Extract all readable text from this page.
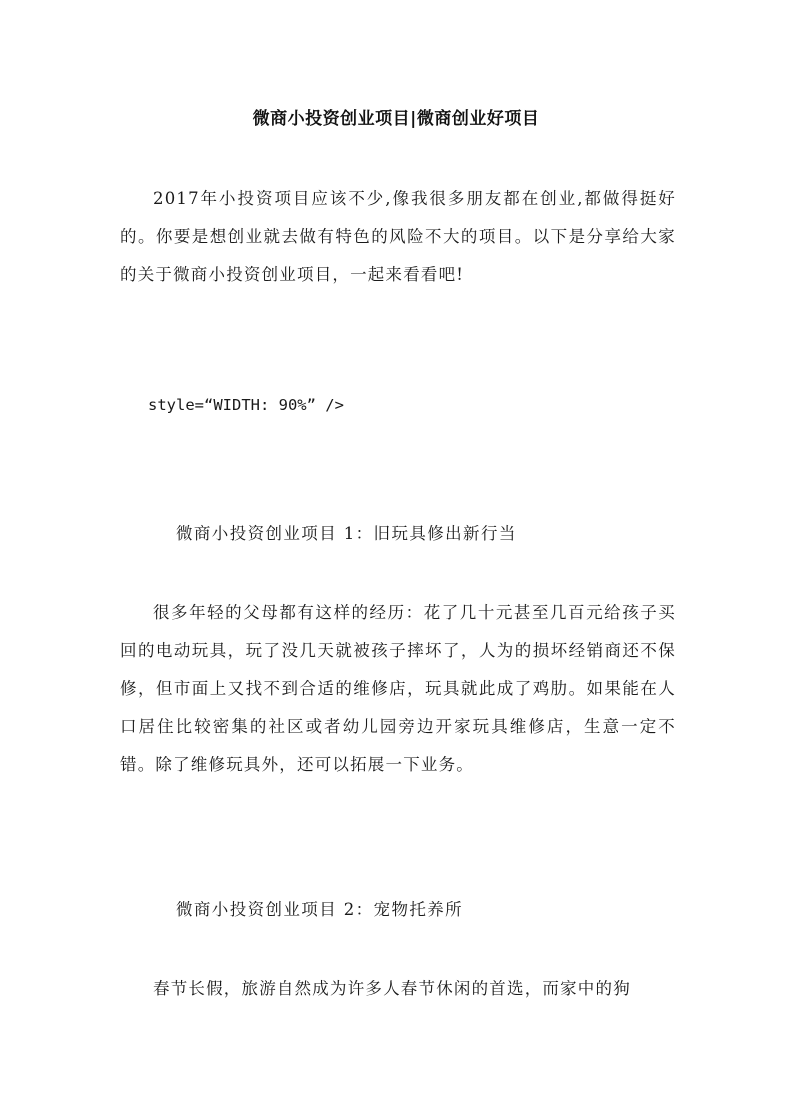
微商小投资创业项目|微商创业好项目

2017年小投资项目应该不少,像我很多朋友都在创业,都做得挺好的。你要是想创业就去做有特色的风险不大的项目。以下是分享给大家的关于微商小投资创业项目，一起来看看吧!

style=“WIDTH: 90%” />
微商小投资创业项目 1：旧玩具修出新行当

很多年轻的父母都有这样的经历：花了几十元甚至几百元给孩子买回的电动玩具，玩了没几天就被孩子摔坏了，人为的损坏经销商还不保修，但市面上又找不到合适的维修店，玩具就此成了鸡肋。如果能在人口居住比较密集的社区或者幼儿园旁边开家玩具维修店，生意一定不错。除了维修玩具外，还可以拓展一下业务。

微商小投资创业项目 2：宠物托养所

春节长假，旅游自然成为许多人春节休闲的首选，而家中的狗
